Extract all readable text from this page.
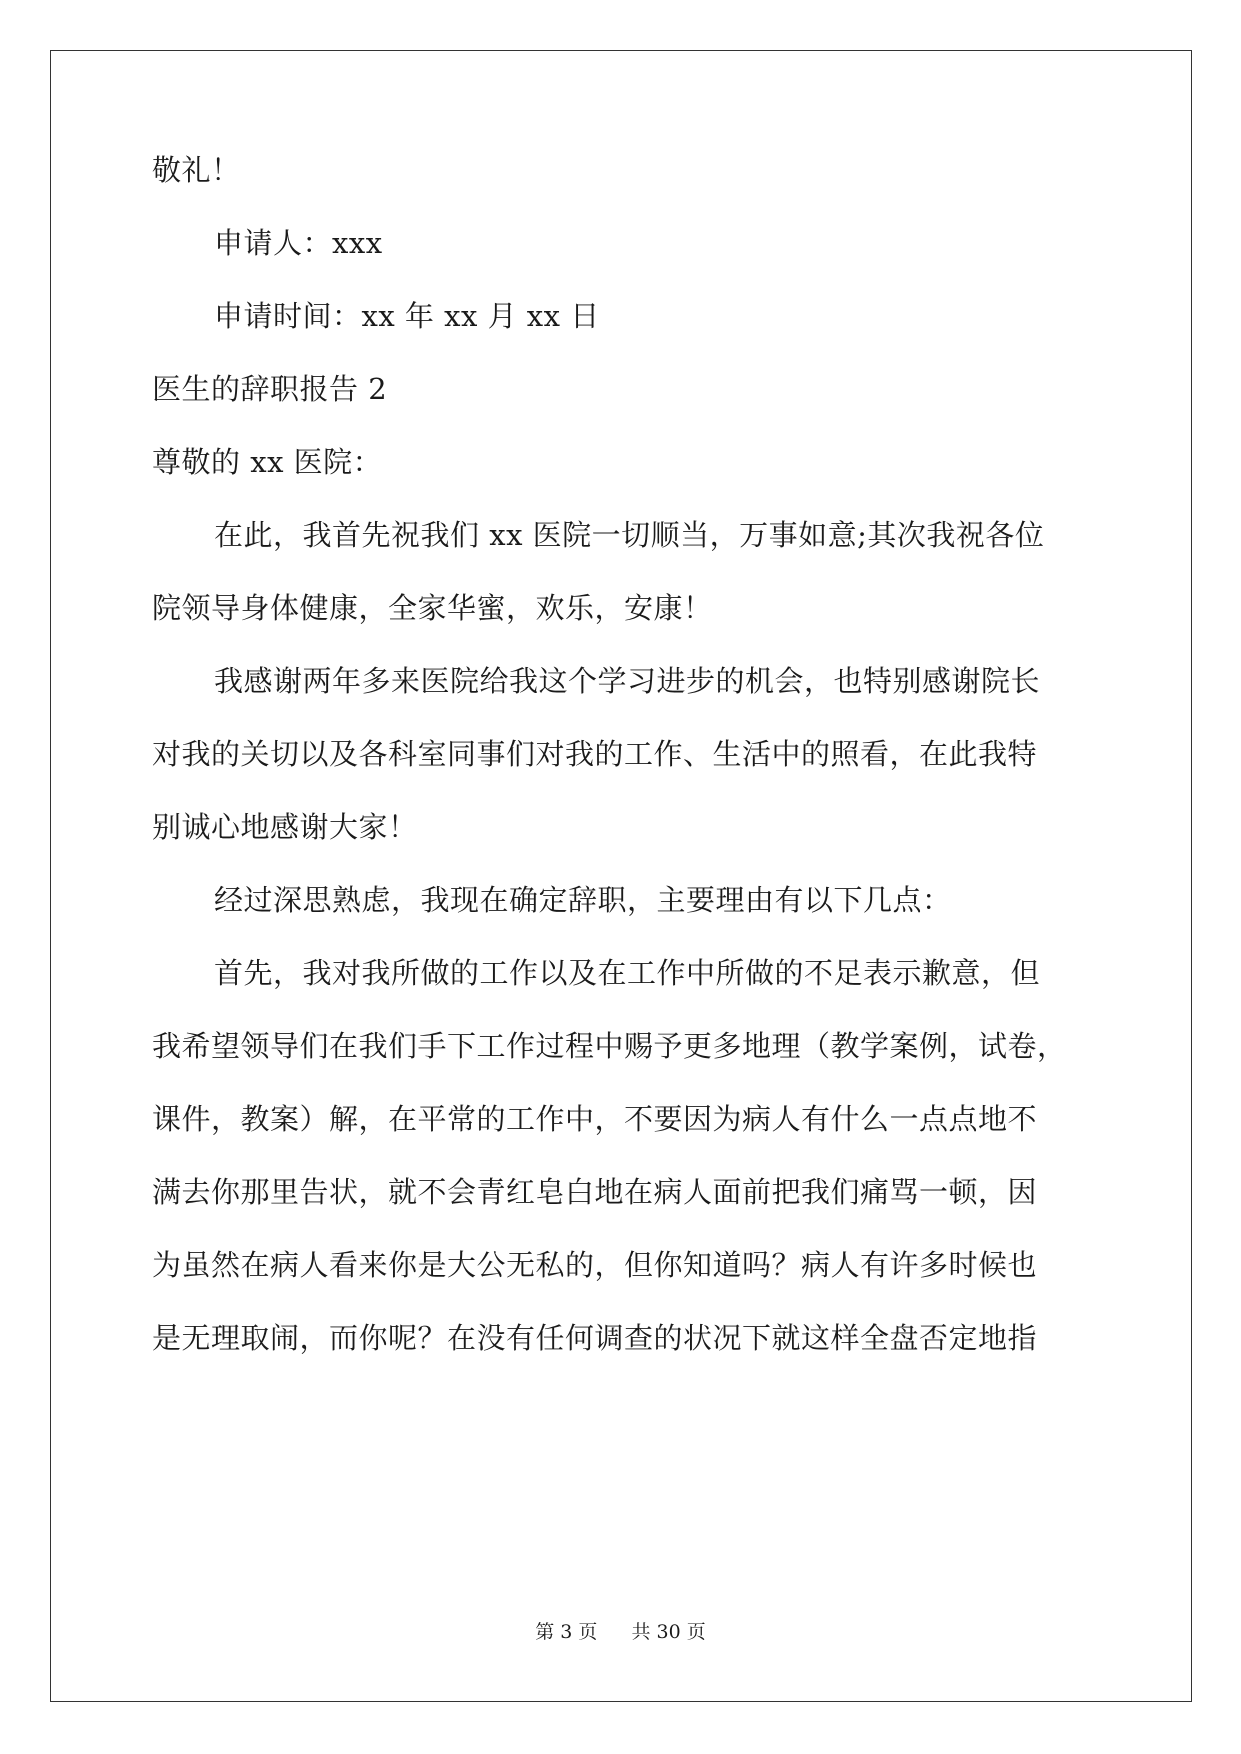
敬礼！
申请人：xxx
申请时间：xx 年 xx 月 xx 日
医生的辞职报告 2
尊敬的 xx 医院：
在此，我首先祝我们 xx 医院一切顺当，万事如意;其次我祝各位
院领导身体健康，全家华蜜，欢乐，安康！
我感谢两年多来医院给我这个学习进步的机会，也特别感谢院长
对我的关切以及各科室同事们对我的工作、生活中的照看，在此我特
别诚心地感谢大家！
经过深思熟虑，我现在确定辞职，主要理由有以下几点：
首先，我对我所做的工作以及在工作中所做的不足表示歉意，但
我希望领导们在我们手下工作过程中赐予更多地理（教学案例，试卷，
课件，教案）解，在平常的工作中，不要因为病人有什么一点点地不
满去你那里告状，就不会青红皂白地在病人面前把我们痛骂一顿，因
为虽然在病人看来你是大公无私的，但你知道吗？病人有许多时候也
是无理取闹，而你呢？在没有任何调查的状况下就这样全盘否定地指
第 3 页 共 30 页
